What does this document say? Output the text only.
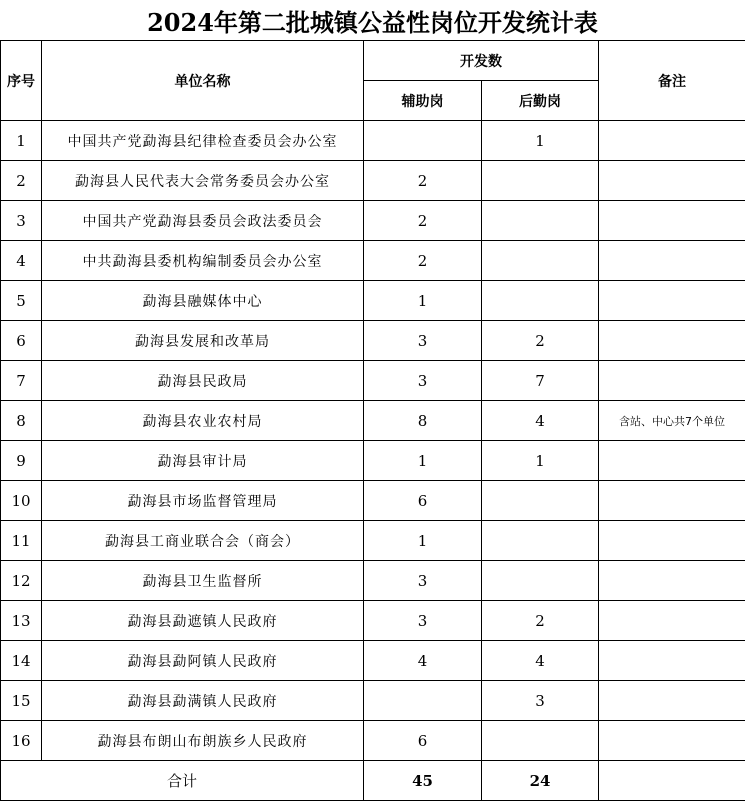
2024年第二批城镇公益性岗位开发统计表
序号	单位名称	开发数		备注
		辅助岗	后勤岗	
1	中国共产党勐海县纪律检查委员会办公室		1	
2	勐海县人民代表大会常务委员会办公室	2		
3	中国共产党勐海县委员会政法委员会	2		
4	中共勐海县委机构编制委员会办公室	2		
5	勐海县融媒体中心	1		
6	勐海县发展和改革局	3	2	
7	勐海县民政局	3	7	
8	勐海县农业农村局	8	4	含站、中心共7个单位
9	勐海县审计局	1	1	
10	勐海县市场监督管理局	6		
11	勐海县工商业联合会（商会）	1		
12	勐海县卫生监督所	3		
13	勐海县勐遮镇人民政府	3	2	
14	勐海县勐阿镇人民政府	4	4	
15	勐海县勐满镇人民政府		3	
16	勐海县布朗山布朗族乡人民政府	6		
合计		45	24	
